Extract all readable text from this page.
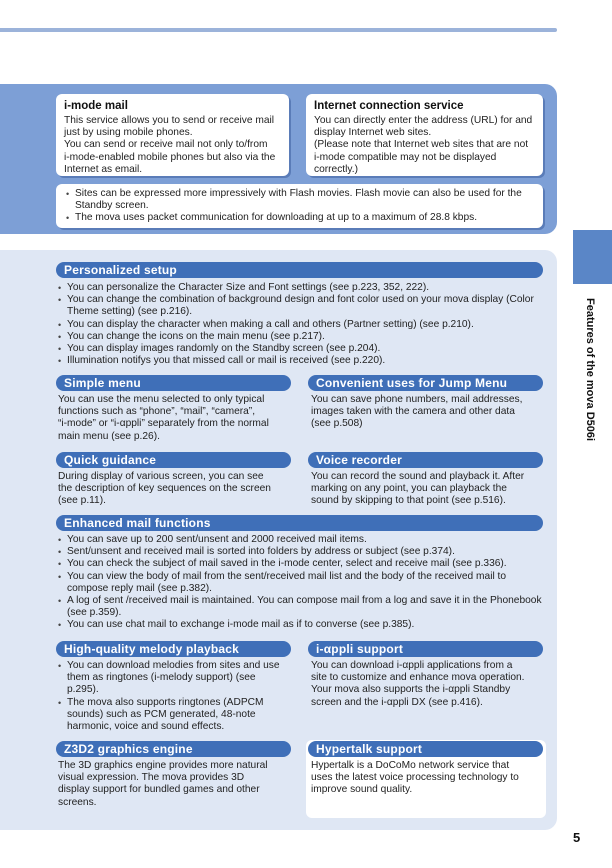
i-mode mail

This service allows you to send or receive mail
just by using mobile phones.
You can send or receive mail not only to/from
i-mode-enabled mobile phones but also via the
Internet as email.

Internet connection service

You can directly enter the address (URL) for and
display Internet web sites.
(Please note that Internet web sites that are not
i-mode compatible may not be displayed correctly.)

• Sites can be expressed more impressively with Flash movies. Flash movie can also be used for the Standby screen.
• The mova uses packet communication for downloading at up to a maximum of 28.8 kbps.
Personalized setup
• You can personalize the Character Size and Font settings (see p.223, 352, 222).
• You can change the combination of background design and font color used on your mova display (Color Theme setting) (see p.216).
• You can display the character when making a call and others (Partner setting) (see p.210).
• You can change the icons on the main menu (see p.217).
• You can display images randomly on the Standby screen (see p.204).
• Illumination notifys you that missed call or mail is received (see p.220).
Simple menu
You can use the menu selected to only typical
functions such as “phone”, “mail”, “camera”,
“i-mode” or “i-αppli” separately from the normal
main menu (see p.26).
Convenient uses for Jump Menu
You can save phone numbers, mail addresses,
images taken with the camera and other data
(see p.508)
Quick guidance
During display of various screen, you can see
the description of key sequences on the screen
(see p.11).
Voice recorder
You can record the sound and playback it. After
marking on any point, you can playback the
sound by skipping to that point (see p.516).
Enhanced mail functions
• You can save up to 200 sent/unsent and 2000 received mail items.
• Sent/unsent and received mail is sorted into folders by address or subject (see p.374).
• You can check the subject of mail saved in the i-mode center, select and receive mail (see p.336).
• You can view the body of mail from the sent/received mail list and the body of the received mail to compose reply mail (see p.382).
• A log of sent /received mail is maintained. You can compose mail from a log and save it in the Phonebook (see p.359).
• You can use chat mail to exchange i-mode mail as if to converse (see p.385).
High-quality melody playback
• You can download melodies from sites and use them as ringtones (i-melody support) (see p.295).
• The mova also supports ringtones (ADPCM sounds) such as PCM generated, 48-note harmonic, voice and sound effects.
i-αppli support
You can download i-αppli applications from a
site to customize and enhance mova operation.
Your mova also supports the i-αppli Standby
screen and the i-αppli DX (see p.416).
Z3D2 graphics engine
The 3D graphics engine provides more natural
visual expression. The mova provides 3D
display support for bundled games and other
screens.
Hypertalk support
Hypertalk is a DoCoMo network service that
uses the latest voice processing technology to
improve sound quality.
Features of the mova D506i
5
